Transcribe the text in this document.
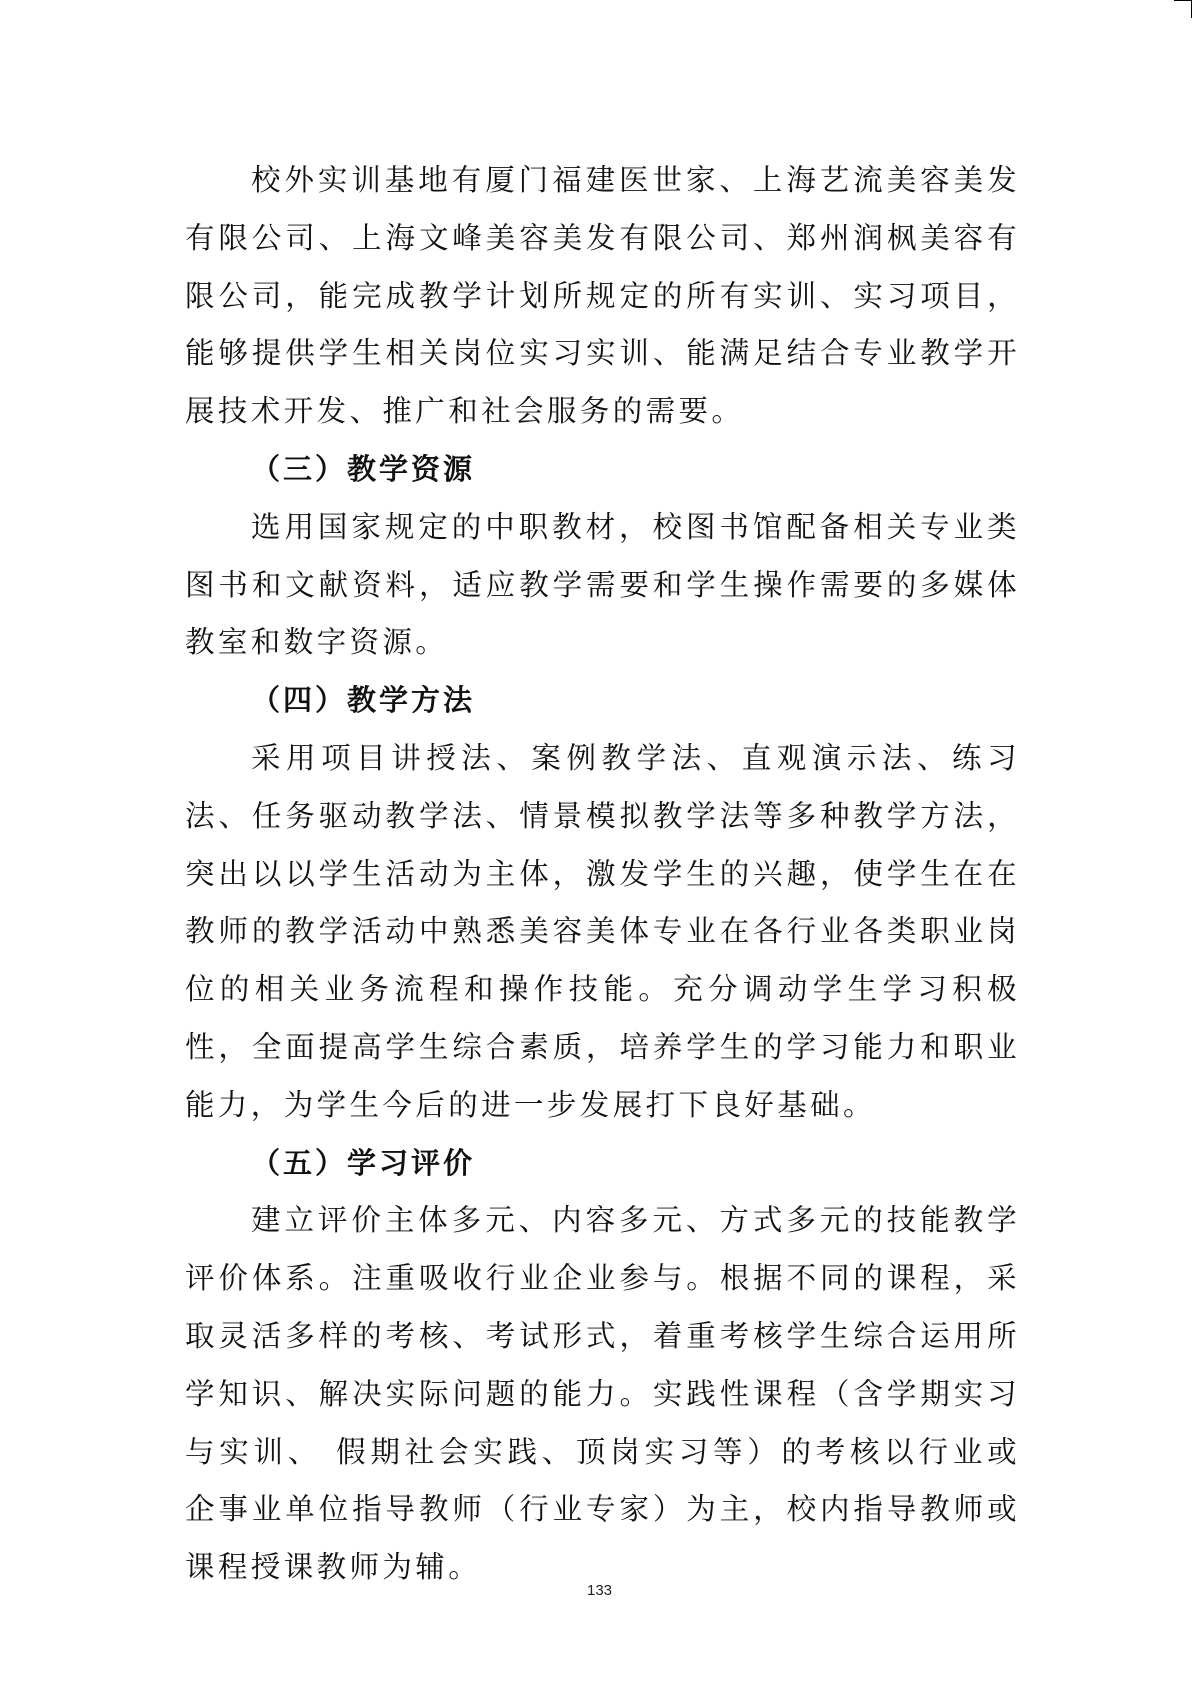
校外实训基地有厦门福建医世家、上海艺流美容美发有限公司、上海文峰美容美发有限公司、郑州润枫美容有限公司，能完成教学计划所规定的所有实训、实习项目，能够提供学生相关岗位实习实训、能满足结合专业教学开展技术开发、推广和社会服务的需要。

（三）教学资源

选用国家规定的中职教材，校图书馆配备相关专业类图书和文献资料，适应教学需要和学生操作需要的多媒体教室和数字资源。

（四）教学方法

采用项目讲授法、案例教学法、直观演示法、练习法、任务驱动教学法、情景模拟教学法等多种教学方法，突出以以学生活动为主体，激发学生的兴趣，使学生在在教师的教学活动中熟悉美容美体专业在各行业各类职业岗位的相关业务流程和操作技能。充分调动学生学习积极性，全面提高学生综合素质，培养学生的学习能力和职业能力，为学生今后的进一步发展打下良好基础。

（五）学习评价

建立评价主体多元、内容多元、方式多元的技能教学评价体系。注重吸收行业企业参与。根据不同的课程，采取灵活多样的考核、考试形式，着重考核学生综合运用所学知识、解决实际问题的能力。实践性课程（含学期实习与实训、 假期社会实践、顶岗实习等）的考核以行业或企事业单位指导教师（行业专家）为主，校内指导教师或课程授课教师为辅。

133
